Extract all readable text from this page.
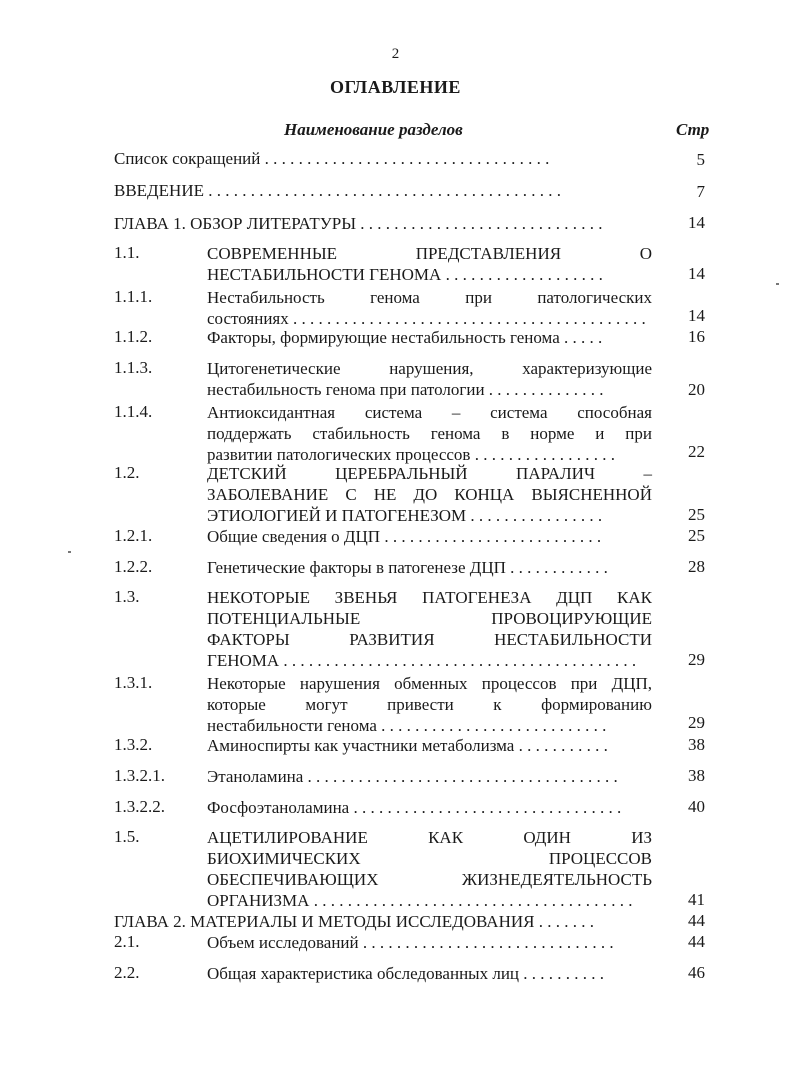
2
ОГЛАВЛЕНИЕ
Наименование разделов	Стр
Список сокращений . . . . . . . . . . . . . . . . . . . . . . . . . . . . . . . . . .	5
ВВЕДЕНИЕ . . . . . . . . . . . . . . . . . . . . . . . . . . . . . . . . . . . . . . . . . .	7
ГЛАВА 1. ОБЗОР ЛИТЕРАТУРЫ . . . . . . . . . . . . . . . . . . . . . . . . . . . . .	14
1.1.	СОВРЕМЕННЫЕ	ПРЕДСТАВЛЕНИЯ	О
НЕСТАБИЛЬНОСТИ ГЕНОМА . . . . . . . . . . . . . . . . . . .	14
1.1.1.	Нестабильность	генома	при	патологических
состояниях . . . . . . . . . . . . . . . . . . . . . . . . . . . . . . . . . . . . . . . . . .	14
1.1.2.	Факторы, формирующие нестабильность генома . . . . .	16
1.1.3.	Цитогенетические	нарушения,	характеризующие
нестабильность генома при патологии . . . . . . . . . . . . . .	20
1.1.4.	Антиоксидантная система – система способная
поддержать стабильность генома в норме и при
развитии патологических процессов . . . . . . . . . . . . . . . . .	22
1.2.	ДЕТСКИЙ	ЦЕРЕБРАЛЬНЫЙ	ПАРАЛИЧ	–
ЗАБОЛЕВАНИЕ С НЕ ДО КОНЦА ВЫЯСНЕННОЙ
ЭТИОЛОГИЕЙ И ПАТОГЕНЕЗОМ . . . . . . . . . . . . . . . .	25
1.2.1.	Общие сведения о ДЦП . . . . . . . . . . . . . . . . . . . . . . . . . .	25
1.2.2.	Генетические факторы в патогенезе ДЦП . . . . . . . . . . . .	28
1.3.	НЕКОТОРЫЕ ЗВЕНЬЯ ПАТОГЕНЕЗА ДЦП КАК
ПОТЕНЦИАЛЬНЫЕ	ПРОВОЦИРУЮЩИЕ
ФАКТОРЫ	РАЗВИТИЯ	НЕСТАБИЛЬНОСТИ
ГЕНОМА . . . . . . . . . . . . . . . . . . . . . . . . . . . . . . . . . . . . . . . . . .	29
1.3.1.	Некоторые нарушения обменных процессов при ДЦП,
которые могут привести к формированию
нестабильности генома . . . . . . . . . . . . . . . . . . . . . . . . . . .	29
1.3.2.	Аминоспирты как участники метаболизма . . . . . . . . . . .	38
1.3.2.1. Этаноламина . . . . . . . . . . . . . . . . . . . . . . . . . . . . . . . . . . . . .	38
1.3.2.2. Фосфоэтаноламина . . . . . . . . . . . . . . . . . . . . . . . . . . . . . . . .	40
1.5.	АЦЕТИЛИРОВАНИЕ	КАК	ОДИН	ИЗ
БИОХИМИЧЕСКИХ	ПРОЦЕССОВ
ОБЕСПЕЧИВАЮЩИХ	ЖИЗНЕДЕЯТЕЛЬНОСТЬ
ОРГАНИЗМА . . . . . . . . . . . . . . . . . . . . . . . . . . . . . . . . . . . . . .	41
ГЛАВА 2. МАТЕРИАЛЫ И МЕТОДЫ ИССЛЕДОВАНИЯ . . . . . . .	44
2.1.	Объем исследований . . . . . . . . . . . . . . . . . . . . . . . . . . . . . .	44
2.2.	Общая характеристика обследованных лиц . . . . . . . . . .	46
